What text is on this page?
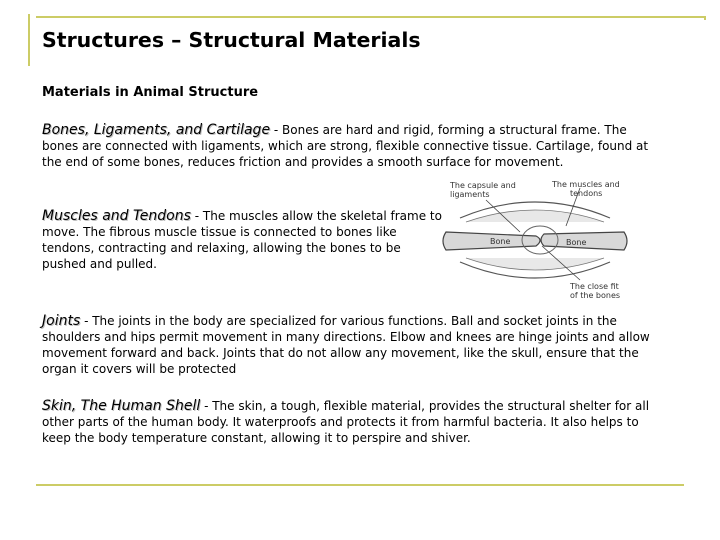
Structures – Structural Materials
Materials in Animal Structure
Bones, Ligaments, and Cartilage - Bones are hard and rigid, forming a structural frame. The bones are connected with ligaments, which are strong, flexible connective tissue. Cartilage, found at the end of some bones, reduces friction and provides a smooth surface for movement.
Muscles and Tendons - The muscles allow the skeletal frame to move. The fibrous muscle tissue is connected to bones like tendons, contracting and relaxing, allowing the bones to be pushed and pulled.
Joints - The joints in the body are specialized for various functions. Ball and socket joints in the shoulders and hips permit movement in many directions. Elbow and knees are hinge joints and allow movement forward and back. Joints that do not allow any movement, like the skull, ensure that the organ it covers will be protected
Skin, The Human Shell - The skin, a tough, flexible material, provides the structural shelter for all other parts of the human body. It waterproofs and protects it from harmful bacteria. It also helps to keep the body temperature constant, allowing it to perspire and shiver.
The capsule and
ligaments
The muscles and
tendons
Bone	Bone
The close fit
of the bones
